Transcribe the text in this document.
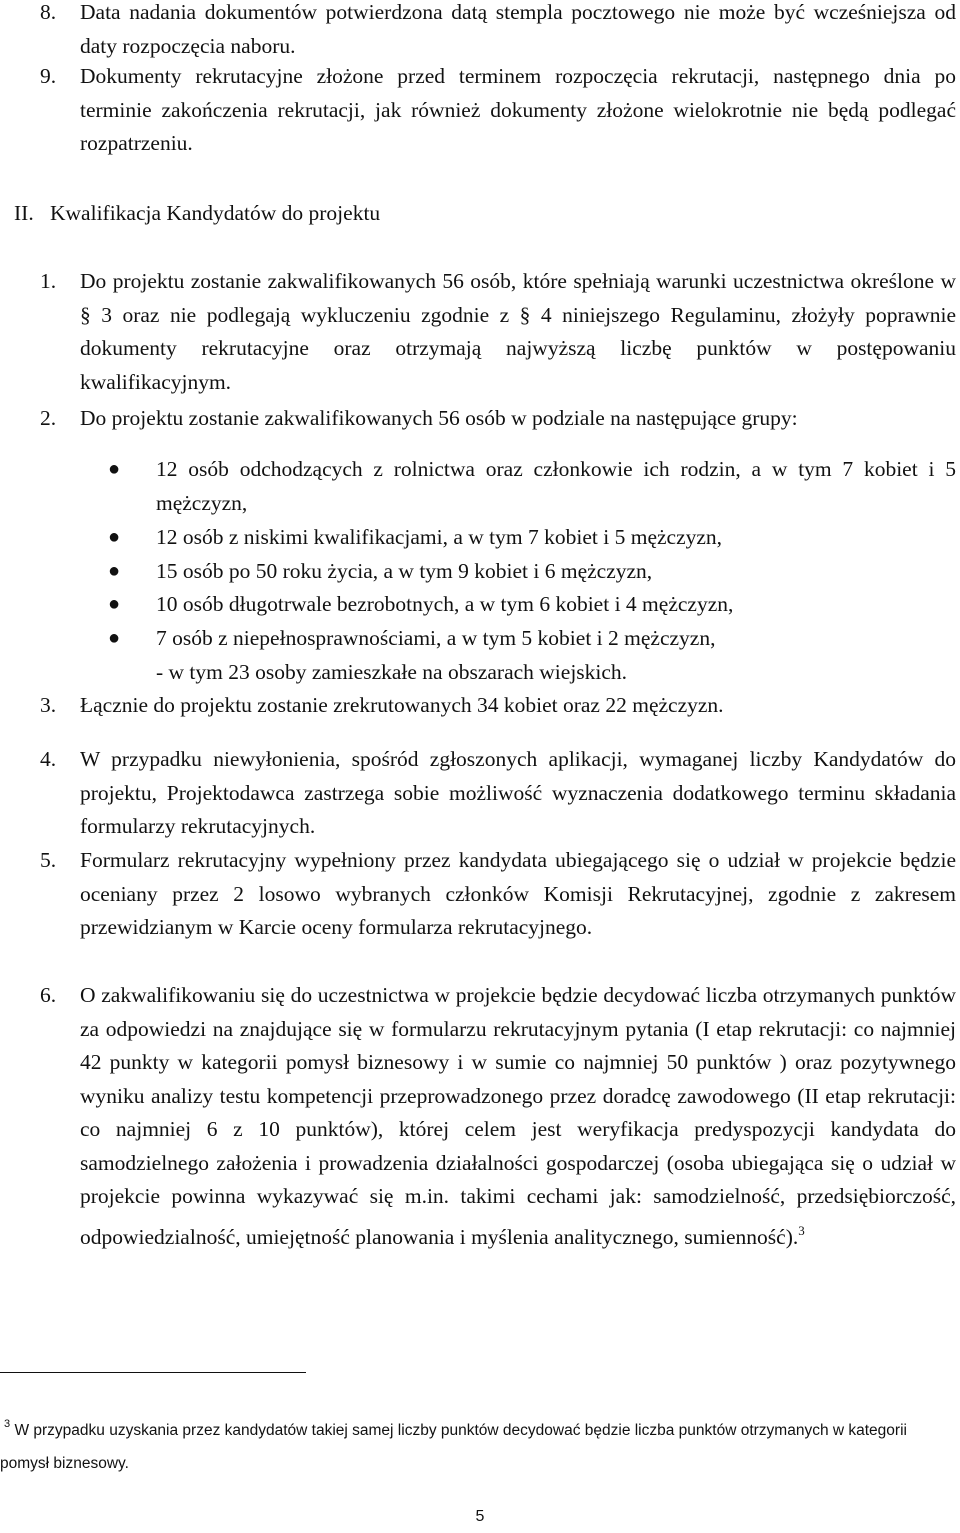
8. Data nadania dokumentów potwierdzona datą stempla pocztowego nie może być wcześniejsza od daty rozpoczęcia naboru.
9. Dokumenty rekrutacyjne złożone przed terminem rozpoczęcia rekrutacji, następnego dnia po terminie zakończenia rekrutacji, jak również dokumenty złożone wielokrotnie nie będą podlegać rozpatrzeniu.
II. Kwalifikacja Kandydatów do projektu
1. Do projektu zostanie zakwalifikowanych 56 osób, które spełniają warunki uczestnictwa określone w § 3 oraz nie podlegają wykluczeniu zgodnie z § 4 niniejszego Regulaminu, złożyły poprawnie dokumenty rekrutacyjne oraz otrzymają najwyższą liczbę punktów w postępowaniu kwalifikacyjnym.
2. Do projektu zostanie zakwalifikowanych 56 osób w podziale na następujące grupy:
● 12 osób odchodzących z rolnictwa oraz członkowie ich rodzin, a w tym 7 kobiet i 5 mężczyzn,
● 12 osób z niskimi kwalifikacjami, a w tym 7 kobiet i 5 mężczyzn,
● 15 osób po 50 roku życia, a w tym 9 kobiet i 6 mężczyzn,
● 10 osób długotrwale bezrobotnych, a w tym 6 kobiet i 4 mężczyzn,
● 7 osób z niepełnosprawnościami, a w tym 5 kobiet i 2 mężczyzn,
- w tym 23 osoby zamieszkałe na obszarach wiejskich.
3. Łącznie do projektu zostanie zrekrutowanych 34 kobiet oraz 22 mężczyzn.
4. W przypadku niewyłonienia, spośród zgłoszonych aplikacji, wymaganej liczby Kandydatów do projektu, Projektodawca zastrzega sobie możliwość wyznaczenia dodatkowego terminu składania formularzy rekrutacyjnych.
5. Formularz rekrutacyjny wypełniony przez kandydata ubiegającego się o udział w projekcie będzie oceniany przez 2 losowo wybranych członków Komisji Rekrutacyjnej, zgodnie z zakresem przewidzianym w Karcie oceny formularza rekrutacyjnego.
6. O zakwalifikowaniu się do uczestnictwa w projekcie będzie decydować liczba otrzymanych punktów za odpowiedzi na znajdujące się w formularzu rekrutacyjnym pytania (I etap rekrutacji: co najmniej 42 punkty w kategorii pomysł biznesowy i w sumie co najmniej 50 punktów ) oraz pozytywnego wyniku analizy testu kompetencji przeprowadzonego przez doradcę zawodowego (II etap rekrutacji: co najmniej 6 z 10 punktów), której celem jest weryfikacja predyspozycji kandydata do samodzielnego założenia i prowadzenia działalności gospodarczej (osoba ubiegająca się o udział w projekcie powinna wykazywać się m.in. takimi cechami jak: samodzielność, przedsiębiorczość, odpowiedzialność, umiejętność planowania i myślenia analitycznego, sumienność).$^3$
$^3$ W przypadku uzyskania przez kandydatów takiej samej liczby punktów decydować będzie liczba punktów otrzymanych w kategorii pomysł biznesowy.
5
